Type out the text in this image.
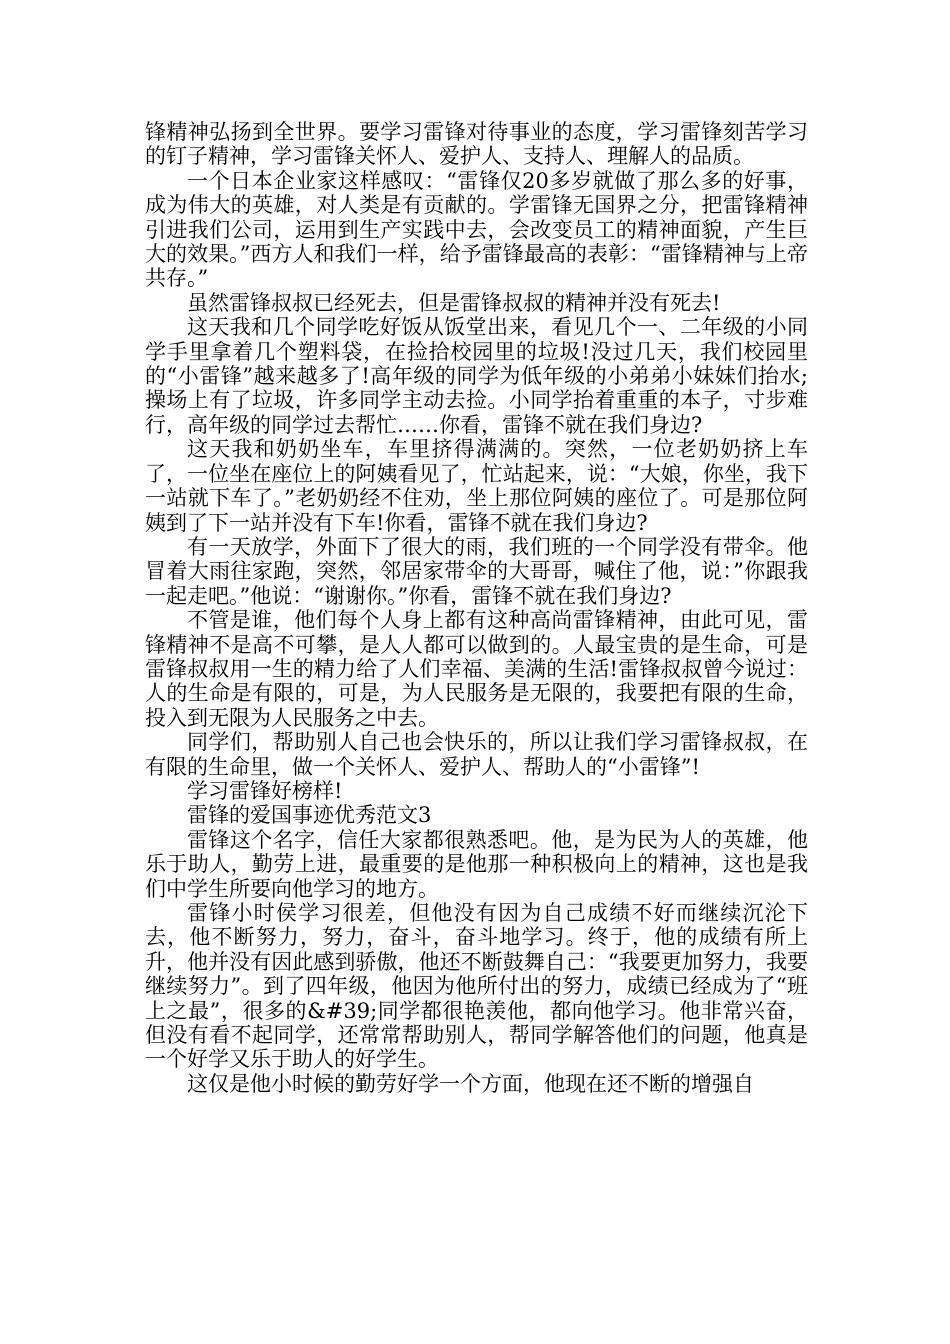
锋精神弘扬到全世界。要学习雷锋对待事业的态度，学习雷锋刻苦学习的钉子精神，学习雷锋关怀人、爱护人、支持人、理解人的品质。

一个日本企业家这样感叹：“雷锋仅20多岁就做了那么多的好事，成为伟大的英雄，对人类是有贡献的。学雷锋无国界之分，把雷锋精神引进我们公司，运用到生产实践中去，会改变员工的精神面貌，产生巨大的效果。”西方人和我们一样，给予雷锋最高的表彰：“雷锋精神与上帝共存。”

虽然雷锋叔叔已经死去，但是雷锋叔叔的精神并没有死去!

这天我和几个同学吃好饭从饭堂出来，看见几个一、二年级的小同学手里拿着几个塑料袋，在捡拾校园里的垃圾!没过几天，我们校园里的“小雷锋”越来越多了!高年级的同学为低年级的小弟弟小妹妹们抬水;操场上有了垃圾，许多同学主动去捡。小同学抬着重重的本子，寸步难行，高年级的同学过去帮忙……你看，雷锋不就在我们身边?

这天我和奶奶坐车，车里挤得满满的。突然，一位老奶奶挤上车了，一位坐在座位上的阿姨看见了，忙站起来，说：“大娘，你坐，我下一站就下车了。”老奶奶经不住劝，坐上那位阿姨的座位了。可是那位阿姨到了下一站并没有下车!你看，雷锋不就在我们身边?

有一天放学，外面下了很大的雨，我们班的一个同学没有带伞。他冒着大雨往家跑，突然，邻居家带伞的大哥哥，喊住了他，说：”你跟我一起走吧。”他说：“谢谢你。”你看，雷锋不就在我们身边?

不管是谁，他们每个人身上都有这种高尚雷锋精神，由此可见，雷锋精神不是高不可攀，是人人都可以做到的。人最宝贵的是生命，可是雷锋叔叔用一生的精力给了人们幸福、美满的生活!雷锋叔叔曾今说过：人的生命是有限的，可是，为人民服务是无限的，我要把有限的生命，投入到无限为人民服务之中去。

同学们，帮助别人自己也会快乐的，所以让我们学习雷锋叔叔，在有限的生命里，做一个关怀人、爱护人、帮助人的“小雷锋”!

学习雷锋好榜样!

雷锋的爱国事迹优秀范文3

雷锋这个名字，信任大家都很熟悉吧。他，是为民为人的英雄，他乐于助人，勤劳上进，最重要的是他那一种积极向上的精神，这也是我们中学生所要向他学习的地方。

雷锋小时侯学习很差，但他没有因为自己成绩不好而继续沉沦下去，他不断努力，努力，奋斗，奋斗地学习。终于，他的成绩有所上升，他并没有因此感到骄傲，他还不断鼓舞自己：“我要更加努力，我要继续努力”。到了四年级，他因为他所付出的努力，成绩已经成为了“班上之最”，很多的&#39;同学都很艳羡他，都向他学习。他非常兴奋，但没有看不起同学，还常常帮助别人，帮同学解答他们的问题，他真是一个好学又乐于助人的好学生。

这仅是他小时候的勤劳好学一个方面，他现在还不断的增强自
